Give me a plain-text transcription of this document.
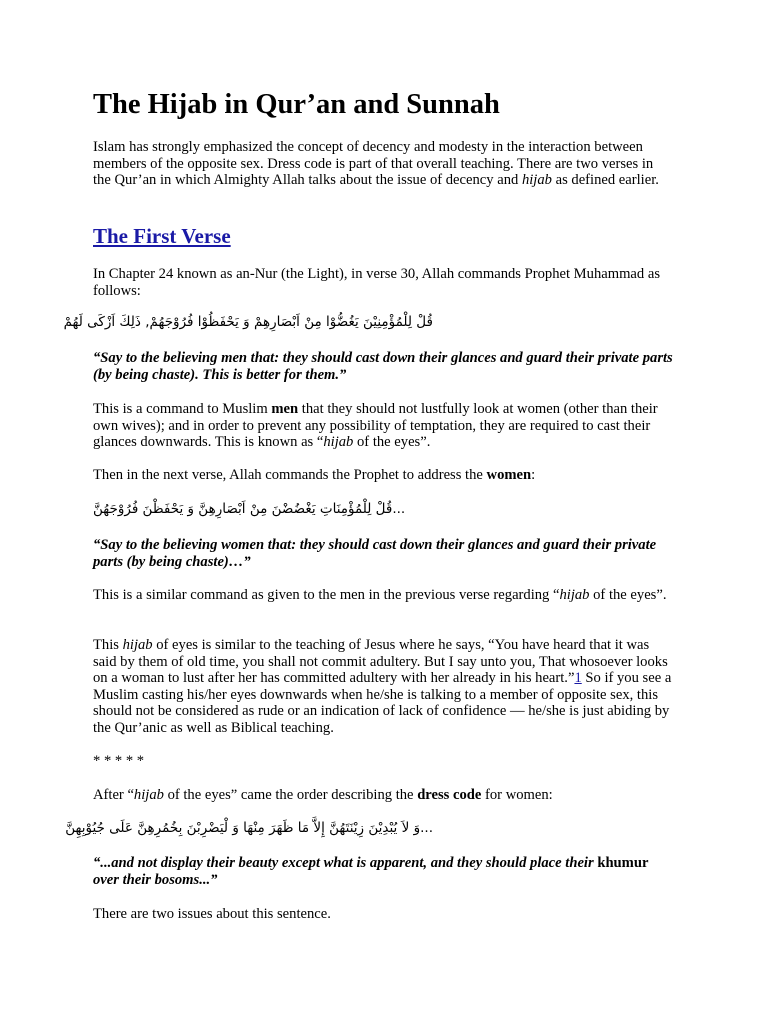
The Hijab in Qur’an and Sunnah

Islam has strongly emphasized the concept of decency and modesty in the interaction between members of the opposite sex. Dress code is part of that overall teaching. There are two verses in the Qur’an in which Almighty Allah talks about the issue of decency and hijab as defined earlier.

The First Verse

In Chapter 24 known as an-Nur (the Light), in verse 30, Allah commands Prophet Muhammad as follows:

قُلْ لِلْمُؤْمِنِيْنَ يَغُضُّوْا مِنْ اَبْصَارِهِمْ وَ يَحْفَظُوْا فُرُوْجَهُمْ, ذَلِكَ اَزْكَى لَهُمْ

“Say to the believing men that: they should cast down their glances and guard their private parts (by being chaste). This is better for them.”

This is a command to Muslim men that they should not lustfully look at women (other than their own wives); and in order to prevent any possibility of temptation, they are required to cast their glances downwards. This is known as “hijab of the eyes”.

Then in the next verse, Allah commands the Prophet to address the women:

...قُلْ لِلْمُؤْمِنَاتِ يَغْضُضْنَ مِنْ اَبْصَارِهِنَّ وَ يَحْفَظْنَ فُرُوْجَهُنَّ

“Say to the believing women that: they should cast down their glances and guard their private parts (by being chaste)…”

This is a similar command as given to the men in the previous verse regarding “hijab of the eyes”.

This hijab of eyes is similar to the teaching of Jesus where he says, “You have heard that it was said by them of old time, you shall not commit adultery. But I say unto you, That whosoever looks on a woman to lust after her has committed adultery with her already in his heart.”1 So if you see a Muslim casting his/her eyes downwards when he/she is talking to a member of opposite sex, this should not be considered as rude or an indication of lack of confidence — he/she is just abiding by the Qur’anic as well as Biblical teaching.

* * * * *

After “hijab of the eyes” came the order describing the dress code for women:

...وَ لاَ يُبْدِيْنَ زِيْنَتَهُنَّ إِلاَّ مَا ظَهَرَ مِنْهَا وَ لْيَضْرِبْنَ بِخُمُرِهِنَّ عَلَى جُيُوْبِهِنَّ

“...and not display their beauty except what is apparent, and they should place their khumur over their bosoms...”

There are two issues about this sentence.
